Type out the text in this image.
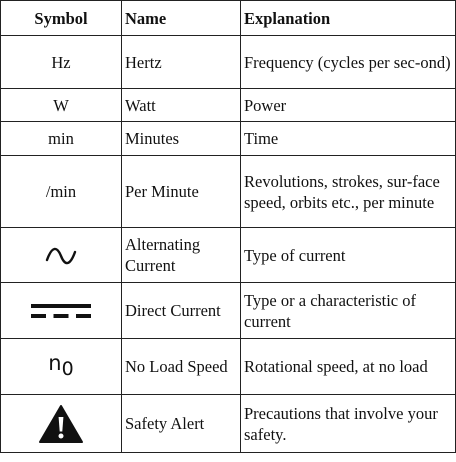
Symbol	Name	Explanation
Hz	Hertz	Frequency (cycles per sec-ond)
W	Watt	Power
min	Minutes	Time
/min	Per Minute	Revolutions, strokes, sur-face speed, orbits etc., per minute

	Alternating Current	Type of current

	Direct Current	Type or a characteristic of current
$n_0$	No Load Speed	Rotational speed, at no load

	Safety Alert	Precautions that involve your safety.
